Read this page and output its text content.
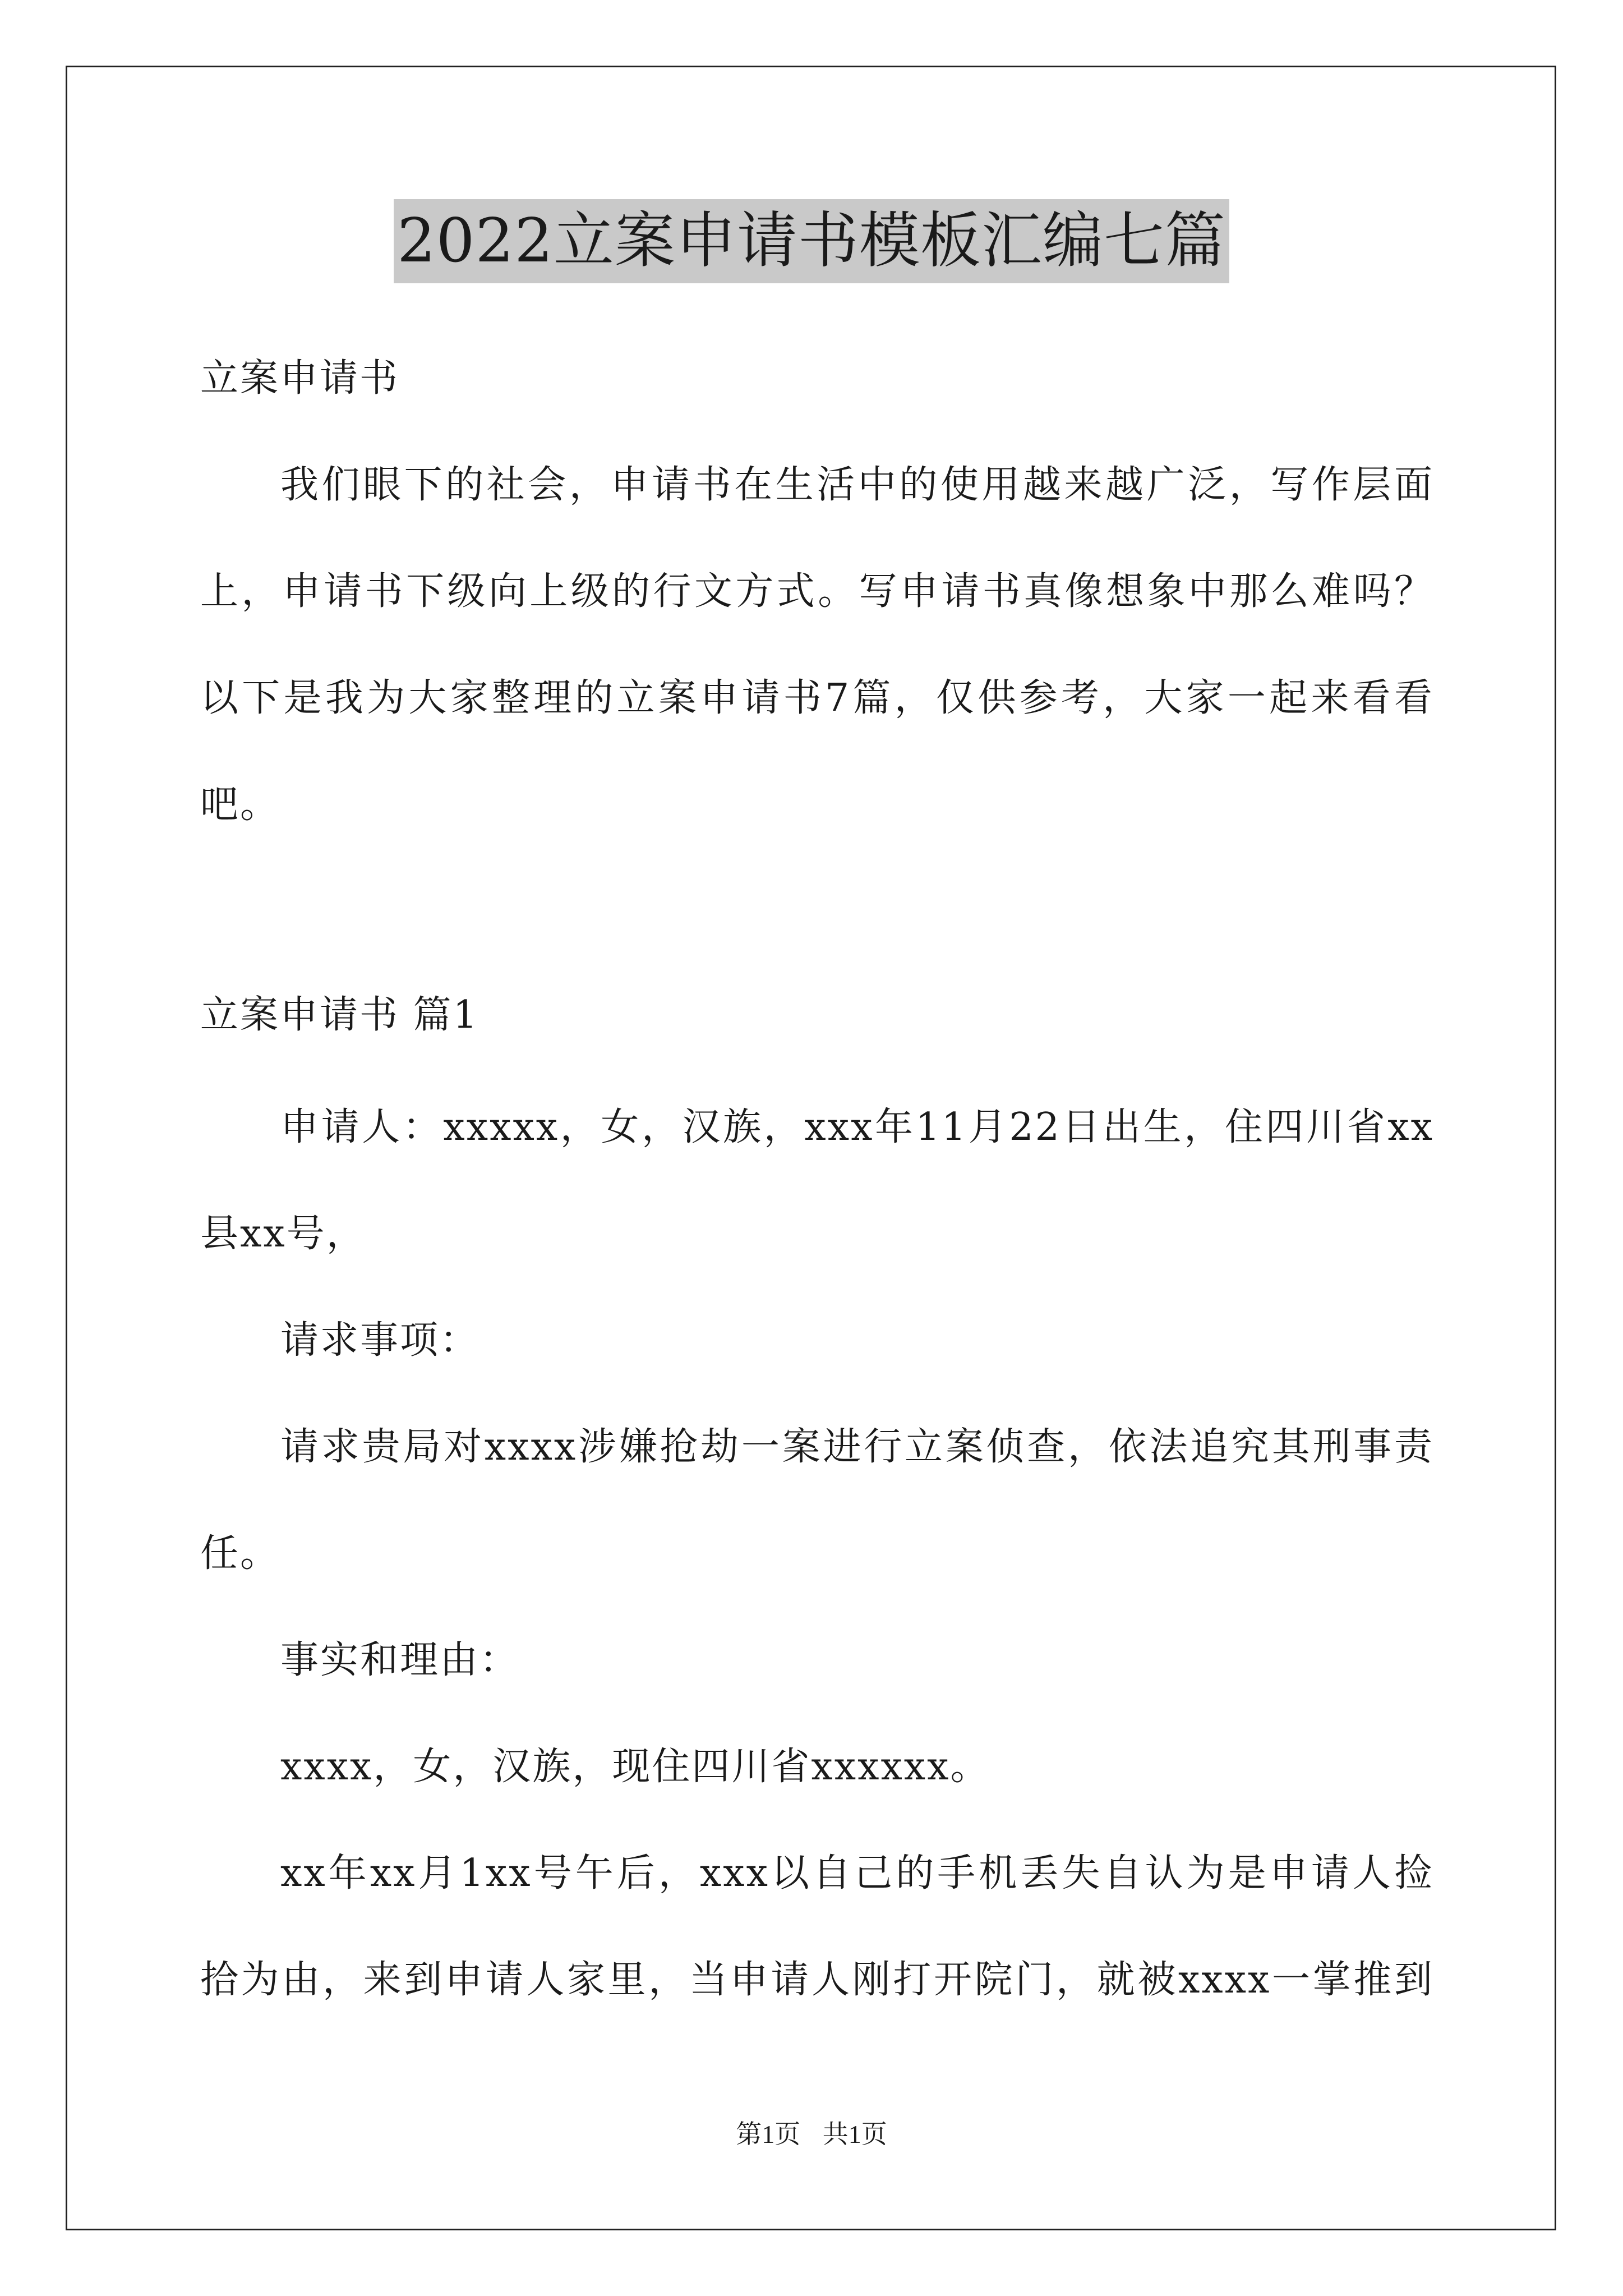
2022立案申请书模板汇编七篇
立案申请书
我们眼下的社会，申请书在生活中的使用越来越广泛，写作层面
上，申请书下级向上级的行文方式。写申请书真像想象中那么难吗？
以下是我为大家整理的立案申请书7篇，仅供参考，大家一起来看看
吧。
立案申请书 篇1
申请人：xxxxx，女，汉族，xxx年11月22日出生，住四川省xx
县xx号，
请求事项：
请求贵局对xxxx涉嫌抢劫一案进行立案侦查，依法追究其刑事责
任。
事实和理由：
xxxx，女，汉族，现住四川省xxxxxx。
xx年xx月1xx号午后，xxx以自己的手机丢失自认为是申请人捡
拾为由，来到申请人家里，当申请人刚打开院门，就被xxxx一掌推到
第1页 共1页
